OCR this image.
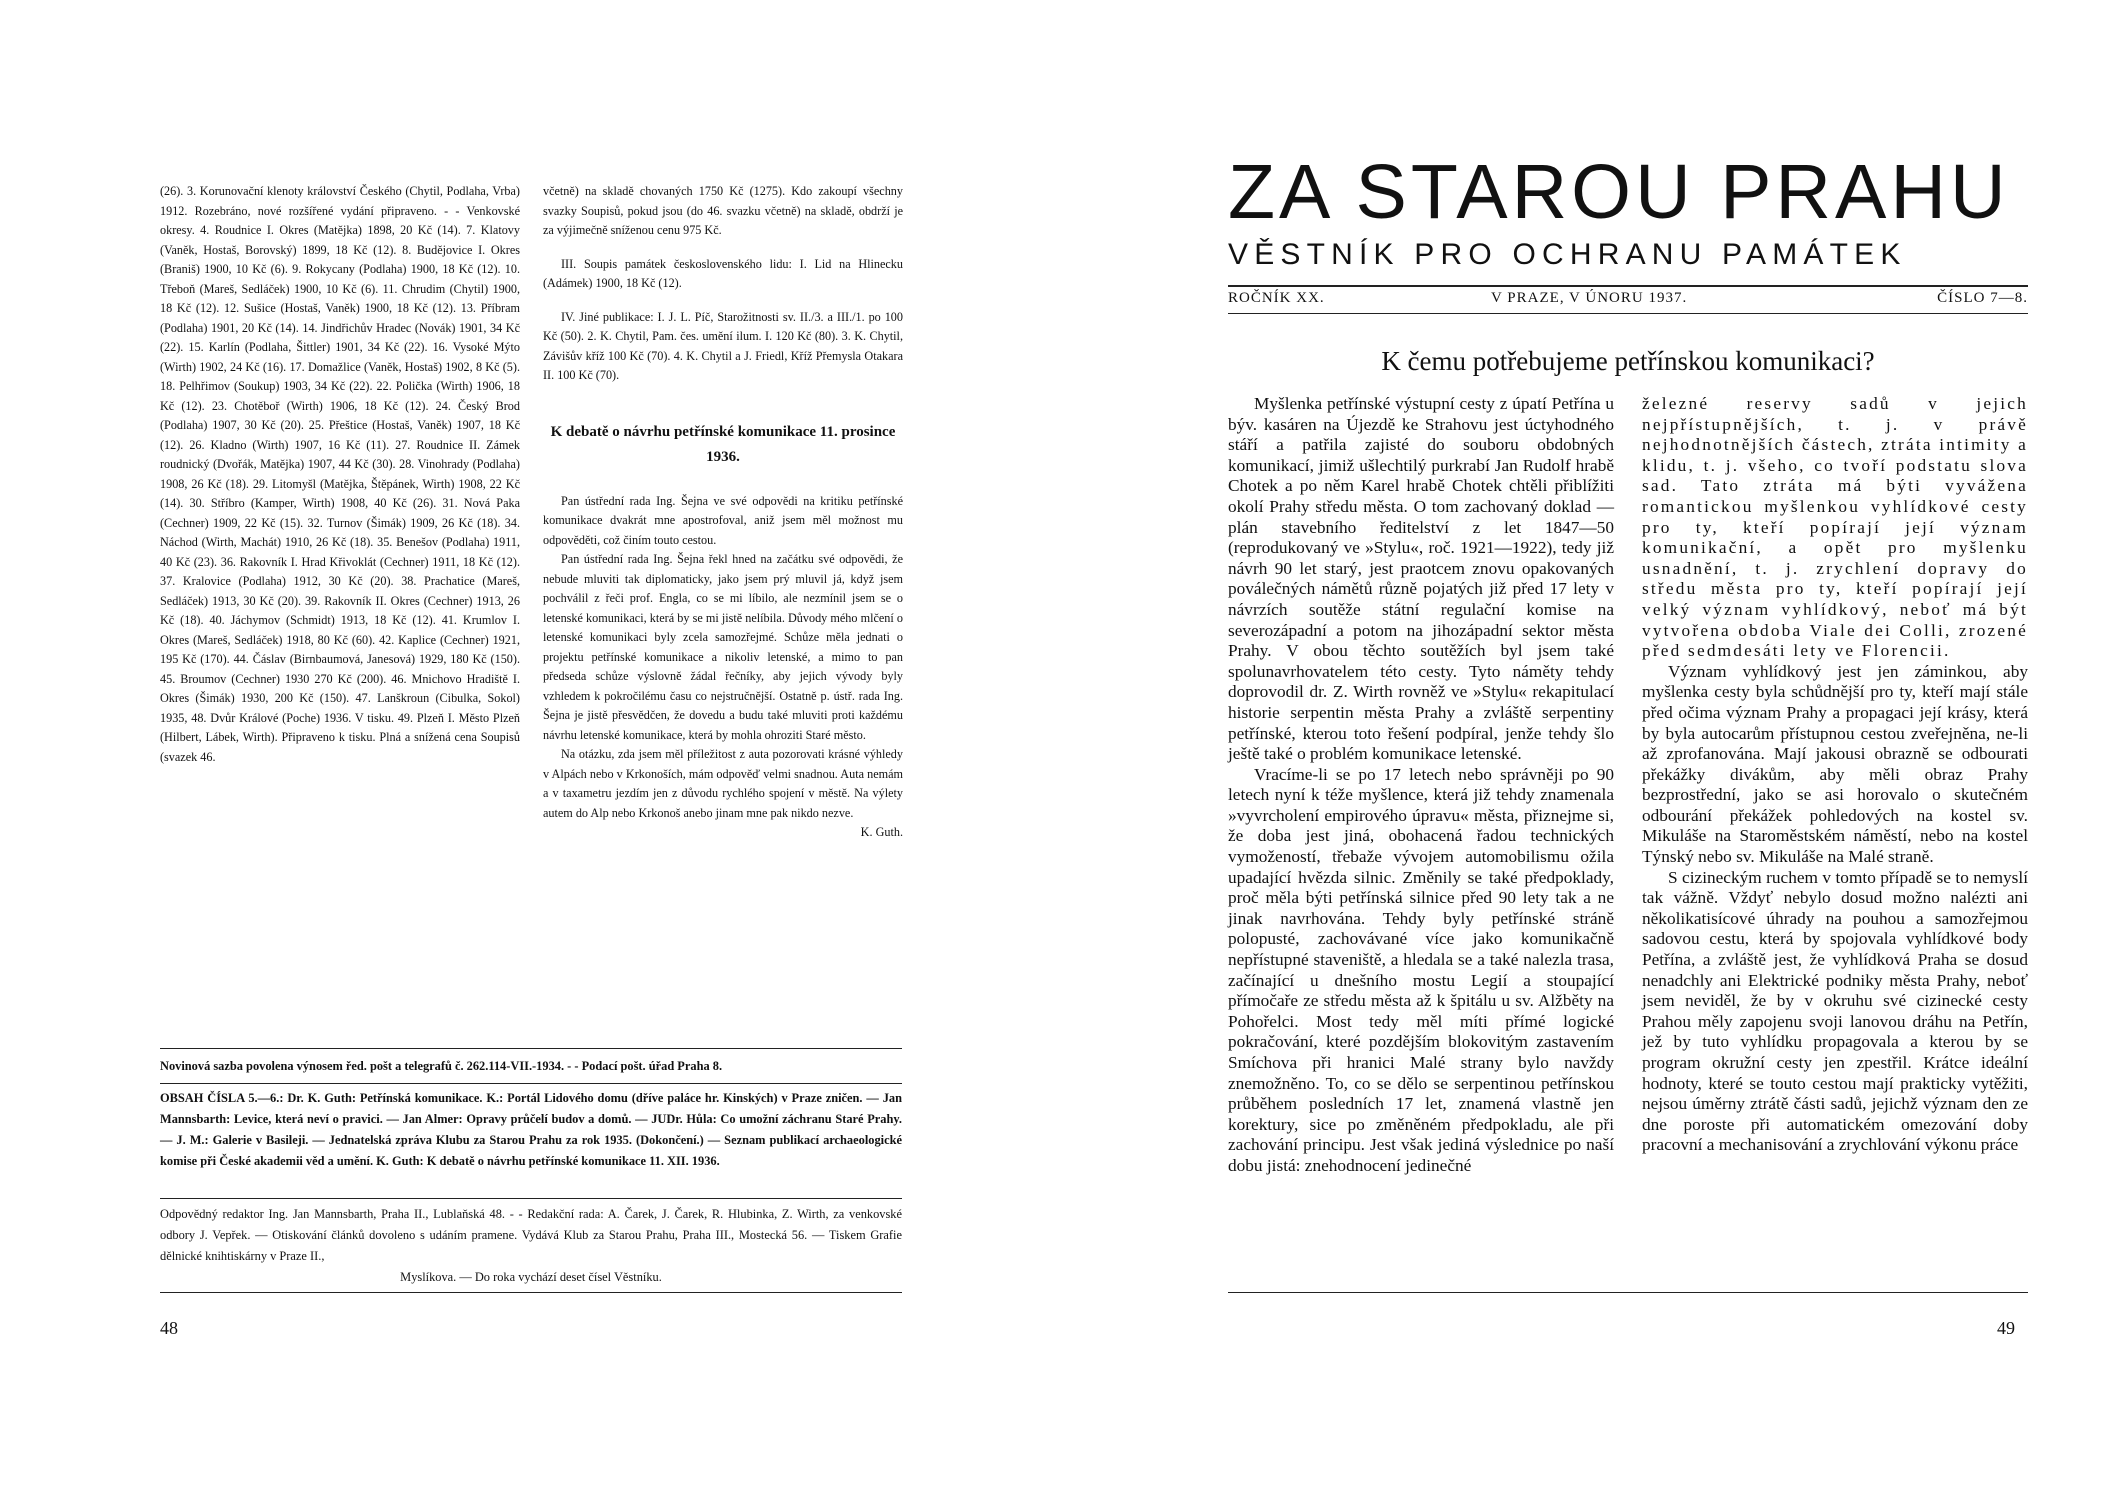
(26). 3. Korunovační klenoty království Českého (Chytil, Podlaha, Vrba) 1912. Rozebráno, nové rozšířené vydání připraveno. - - Venkovské okresy. 4. Roudnice I. Okres (Matějka) 1898, 20 Kč (14). 7. Klatovy (Vaněk, Hostaš, Borovský) 1899, 18 Kč (12). 8. Budějovice I. Okres (Braniš) 1900, 10 Kč (6). 9. Rokycany (Podlaha) 1900, 18 Kč (12). 10. Třeboň (Mareš, Sedláček) 1900, 10 Kč (6). 11. Chrudim (Chytil) 1900, 18 Kč (12). 12. Sušice (Hostaš, Vaněk) 1900, 18 Kč (12). 13. Příbram (Podlaha) 1901, 20 Kč (14). 14. Jindřichův Hradec (Novák) 1901, 34 Kč (22). 15. Karlín (Podlaha, Šittler) 1901, 34 Kč (22). 16. Vysoké Mýto (Wirth) 1902, 24 Kč (16). 17. Domažlice (Vaněk, Hostaš) 1902, 8 Kč (5). 18. Pelhřimov (Soukup) 1903, 34 Kč (22). 22. Polička (Wirth) 1906, 18 Kč (12). 23. Chotěboř (Wirth) 1906, 18 Kč (12). 24. Český Brod (Podlaha) 1907, 30 Kč (20). 25. Přeštice (Hostaš, Vaněk) 1907, 18 Kč (12). 26. Kladno (Wirth) 1907, 16 Kč (11). 27. Roudnice II. Zámek roudnický (Dvořák, Matějka) 1907, 44 Kč (30). 28. Vinohrady (Podlaha) 1908, 26 Kč (18). 29. Litomyšl (Matějka, Štěpánek, Wirth) 1908, 22 Kč (14). 30. Stříbro (Kamper, Wirth) 1908, 40 Kč (26). 31. Nová Paka (Cechner) 1909, 22 Kč (15). 32. Turnov (Šimák) 1909, 26 Kč (18). 34. Náchod (Wirth, Machát) 1910, 26 Kč (18). 35. Benešov (Podlaha) 1911, 40 Kč (23). 36. Rakovník I. Hrad Křivoklát (Cechner) 1911, 18 Kč (12). 37. Kralovice (Podlaha) 1912, 30 Kč (20). 38. Prachatice (Mareš, Sedláček) 1913, 30 Kč (20). 39. Rakovník II. Okres (Cechner) 1913, 26 Kč (18). 40. Jáchymov (Schmidt) 1913, 18 Kč (12). 41. Krumlov I. Okres (Mareš, Sedláček) 1918, 80 Kč (60). 42. Kaplice (Cechner) 1921, 195 Kč (170). 44. Čáslav (Birnbaumová, Janesová) 1929, 180 Kč (150). 45. Broumov (Cechner) 1930 270 Kč (200). 46. Mnichovo Hradiště I. Okres (Šimák) 1930, 200 Kč (150). 47. Lanškroun (Cibulka, Sokol) 1935, 48. Dvůr Králové (Poche) 1936. V tisku. 49. Plzeň I. Město Plzeň (Hilbert, Lábek, Wirth). Připraveno k tisku. Plná a snížená cena Soupisů (svazek 46.

včetně) na skladě chovaných 1750 Kč (1275). Kdo zakoupí všechny svazky Soupisů, pokud jsou (do 46. svazku včetně) na skladě, obdrží je za výjimečně sníženou cenu 975 Kč.

III. Soupis památek československého lidu: I. Lid na Hlinecku (Adámek) 1900, 18 Kč (12).

IV. Jiné publikace: I. J. L. Píč, Starožitnosti sv. II./3. a III./1. po 100 Kč (50). 2. K. Chytil, Pam. čes. umění ilum. I. 120 Kč (80). 3. K. Chytil, Závišův kříž 100 Kč (70). 4. K. Chytil a J. Friedl, Kříž Přemysla Otakara II. 100 Kč (70).

K debatě o návrhu petřínské komunikace 11. prosince 1936.

Pan ústřední rada Ing. Šejna ve své odpovědi na kritiku petřínské komunikace dvakrát mne apostrofoval, aniž jsem měl možnost mu odpověděti, což činím touto cestou.

Pan ústřední rada Ing. Šejna řekl hned na začátku své odpovědi, že nebude mluviti tak diplomaticky, jako jsem prý mluvil já, když jsem pochválil z řeči prof. Engla, co se mi líbilo, ale nezmínil jsem se o letenské komunikaci, která by se mi jistě nelíbila. Důvody mého mlčení o letenské komunikaci byly zcela samozřejmé. Schůze měla jednati o projektu petřínské komunikace a nikoliv letenské, a mimo to pan předseda schůze výslovně žádal řečníky, aby jejich vývody byly vzhledem k pokročilému času co nejstručnější. Ostatně p. ústř. rada Ing. Šejna je jistě přesvědčen, že dovedu a budu také mluviti proti každému návrhu letenské komunikace, která by mohla ohroziti Staré město.

Na otázku, zda jsem měl příležitost z auta pozorovati krásné výhledy v Alpách nebo v Krkonoších, mám odpověď velmi snadnou. Auta nemám a v taxametru jezdím jen z důvodu rychlého spojení v městě. Na výlety autem do Alp nebo Krkonoš anebo jinam mne pak nikdo nezve.

K. Guth.

Novinová sazba povolena výnosem řed. pošt a telegrafů č. 262.114-VII.-1934. - - Podací pošt. úřad Praha 8.
OBSAH ČÍSLA 5.—6.: Dr. K. Guth: Petřínská komunikace. K.: Portál Lidového domu (dříve paláce hr. Kinských) v Praze zničen. — Jan Mannsbarth: Levice, která neví o pravici. — Jan Almer: Opravy průčelí budov a domů. — JUDr. Hůla: Co umožní záchranu Staré Prahy. — J. M.: Galerie v Basileji. — Jednatelská zpráva Klubu za Starou Prahu za rok 1935. (Dokončení.) — Seznam publikací archaeologické komise při České akademii věd a umění. K. Guth: K debatě o návrhu petřínské komunikace 11. XII. 1936.
Odpovědný redaktor Ing. Jan Mannsbarth, Praha II., Lublaňská 48. - - Redakční rada: A. Čarek, J. Čarek, R. Hlubinka, Z. Wirth, za venkovské odbory J. Vepřek. — Otiskování článků dovoleno s udáním pramene. Vydává Klub za Starou Prahu, Praha III., Mostecká 56. — Tiskem Grafie dělnické knihtiskárny v Praze II.,
Myslíkova. — Do roka vychází deset čísel Věstníku.
48
ZA STAROU PRAHU
VĚSTNÍK PRO OCHRANU PAMÁTEK
ROČNÍK XX.	V PRAZE, V ÚNORU 1937.	ČÍSLO 7—8.
K čemu potřebujeme petřínskou komunikaci?

Myšlenka petřínské výstupní cesty z úpatí Petřína u býv. kasáren na Újezdě ke Strahovu jest úctyhodného stáří a patřila zajisté do souboru obdobných komunikací, jimiž ušlechtilý purkrabí Jan Rudolf hrabě Chotek a po něm Karel hrabě Chotek chtěli přiblížiti okolí Prahy středu města. O tom zachovaný doklad — plán stavebního ředitelství z let 1847—50 (reprodukovaný ve »Stylu«, roč. 1921—1922), tedy již návrh 90 let starý, jest praotcem znovu opakovaných poválečných námětů různě pojatých již před 17 lety v návrzích soutěže státní regulační komise na severozápadní a potom na jihozápadní sektor města Prahy. V obou těchto soutěžích byl jsem také spolunavrhovatelem této cesty. Tyto náměty tehdy doprovodil dr. Z. Wirth rovněž ve »Stylu« rekapitulací historie serpentin města Prahy a zvláště serpentiny petřínské, kterou toto řešení podpíral, jenže tehdy šlo ještě také o problém komunikace letenské.

Vracíme-li se po 17 letech nebo správněji po 90 letech nyní k téže myšlence, která již tehdy znamenala »vyvrcholení empirového úpravu« města, přiznejme si, že doba jest jiná, obohacená řadou technických vymožeností, třebaže vývojem automobilismu ožila upadající hvězda silnic. Změnily se také předpoklady, proč měla býti petřínská silnice před 90 lety tak a ne jinak navrhována. Tehdy byly petřínské stráně polopusté, zachovávané více jako komunikačně nepřístupné staveniště, a hledala se a také nalezla trasa, začínající u dnešního mostu Legií a stoupající přímočaře ze středu města až k špitálu u sv. Alžběty na Pohořelci. Most tedy měl míti přímé logické pokračování, které pozdějším blokovitým zastavením Smíchova při hranici Malé strany bylo navždy znemožněno. To, co se dělo se serpentinou petřínskou průběhem posledních 17 let, znamená vlastně jen korektury, sice po změněném předpokladu, ale při zachování principu. Jest však jediná výslednice po naší dobu jistá: znehodnocení jedinečné

železné reservy sadů v jejich nejpřístupnějších, t. j. v právě nejhodnotnějších částech, ztráta intimity a klidu, t. j. všeho, co tvoří podstatu slova sad. Tato ztráta má býti vyvážena romantickou myšlenkou vyhlídkové cesty pro ty, kteří popírají její význam komunikační, a opět pro myšlenku usnadnění, t. j. zrychlení dopravy do středu města pro ty, kteří popírají její velký význam vyhlídkový, neboť má být vytvořena obdoba Viale dei Colli, zrozené před sedmdesáti lety ve Florencii.

Význam vyhlídkový jest jen záminkou, aby myšlenka cesty byla schůdnější pro ty, kteří mají stále před očima význam Prahy a propagaci její krásy, která by byla autocarům přístupnou cestou zveřejněna, ne-li až zprofanována. Mají jakousi obrazně se odbourati překážky divákům, aby měli obraz Prahy bezprostřední, jako se asi horovalo o skutečném odbourání překážek pohledových na kostel sv. Mikuláše na Staroměstském náměstí, nebo na kostel Týnský nebo sv. Mikuláše na Malé straně.

S cizineckým ruchem v tomto případě se to nemyslí tak vážně. Vždyť nebylo dosud možno nalézti ani několikatisícové úhrady na pouhou a samozřejmou sadovou cestu, která by spojovala vyhlídkové body Petřína, a zvláště jest, že vyhlídková Praha se dosud nenadchly ani Elektrické podniky města Prahy, neboť jsem neviděl, že by v okruhu své cizinecké cesty Prahou měly zapojenu svoji lanovou dráhu na Petřín, jež by tuto vyhlídku propagovala a kterou by se program okružní cesty jen zpestřil. Krátce ideální hodnoty, které se touto cestou mají prakticky vytěžiti, nejsou úměrny ztrátě části sadů, jejichž význam den ze dne poroste při automatickém omezování doby pracovní a mechanisování a zrychlování výkonu práce

49
